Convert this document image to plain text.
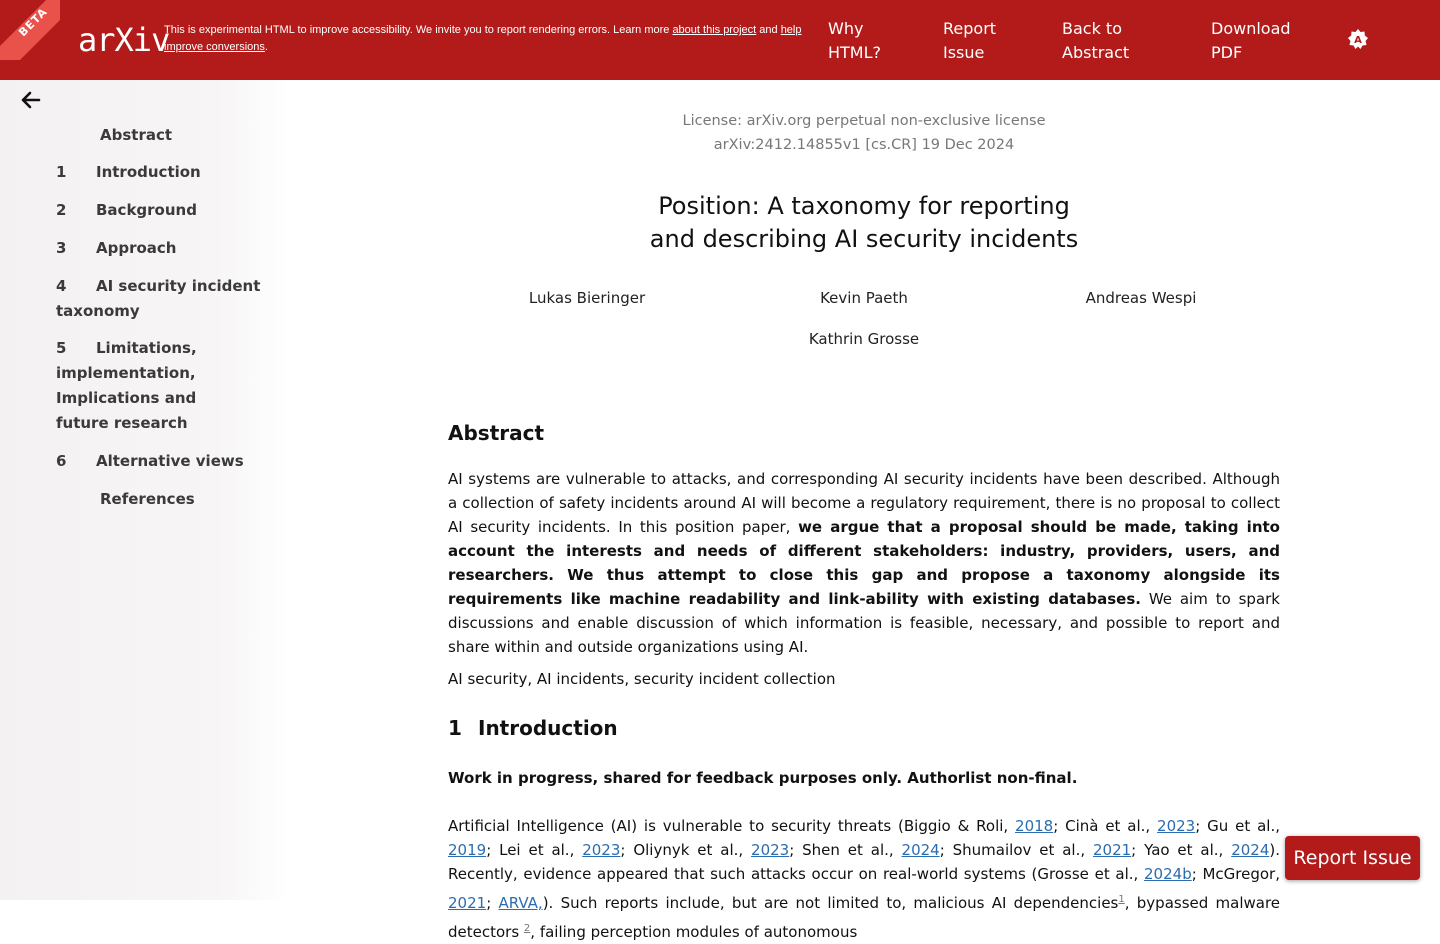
BETA arXiv
This is experimental HTML to improve accessibility. We invite you to report rendering errors. Learn more about this project and help improve conversions.
Why HTML?
Report Issue
Back to Abstract
Download PDF
A
Abstract
1 Introduction
2 Background
3 Approach
4 AI security incident taxonomy
5 Limitations, implementation, Implications and future research
6 Alternative views
References
License: arXiv.org perpetual non-exclusive license
arXiv:2412.14855v1 [cs.CR] 19 Dec 2024
Position: A taxonomy for reporting
and describing AI security incidents
Lukas Bieringer	Kevin Paeth	Andreas Wespi
Kathrin Grosse
Abstract
AI systems are vulnerable to attacks, and corresponding AI security incidents have been described. Although a collection of safety incidents around AI will become a regulatory requirement, there is no proposal to collect AI security incidents. In this position paper, we argue that a proposal should be made, taking into account the interests and needs of different stakeholders: industry, providers, users, and researchers. We thus attempt to close this gap and propose a taxonomy alongside its requirements like machine readability and link-ability with existing databases. We aim to spark discussions and enable discussion of which information is feasible, necessary, and possible to report and share within and outside organizations using AI.
AI security, AI incidents, security incident collection
1 Introduction
Work in progress, shared for feedback purposes only. Authorlist non-final.
Artificial Intelligence (AI) is vulnerable to security threats (Biggio & Roli, 2018; Cinà et al., 2023; Gu et al., 2019; Lei et al., 2023; Oliynyk et al., 2023; Shen et al., 2024; Shumailov et al., 2021; Yao et al., 2024). Recently, evidence appeared that such attacks occur on real-world systems (Grosse et al., 2024b; McGregor, 2021; ARVA,). Such reports include, but are not limited to, malicious AI dependencies$^1$, bypassed malware detectors $^2$, failing perception modules of autonomous
Report Issue
